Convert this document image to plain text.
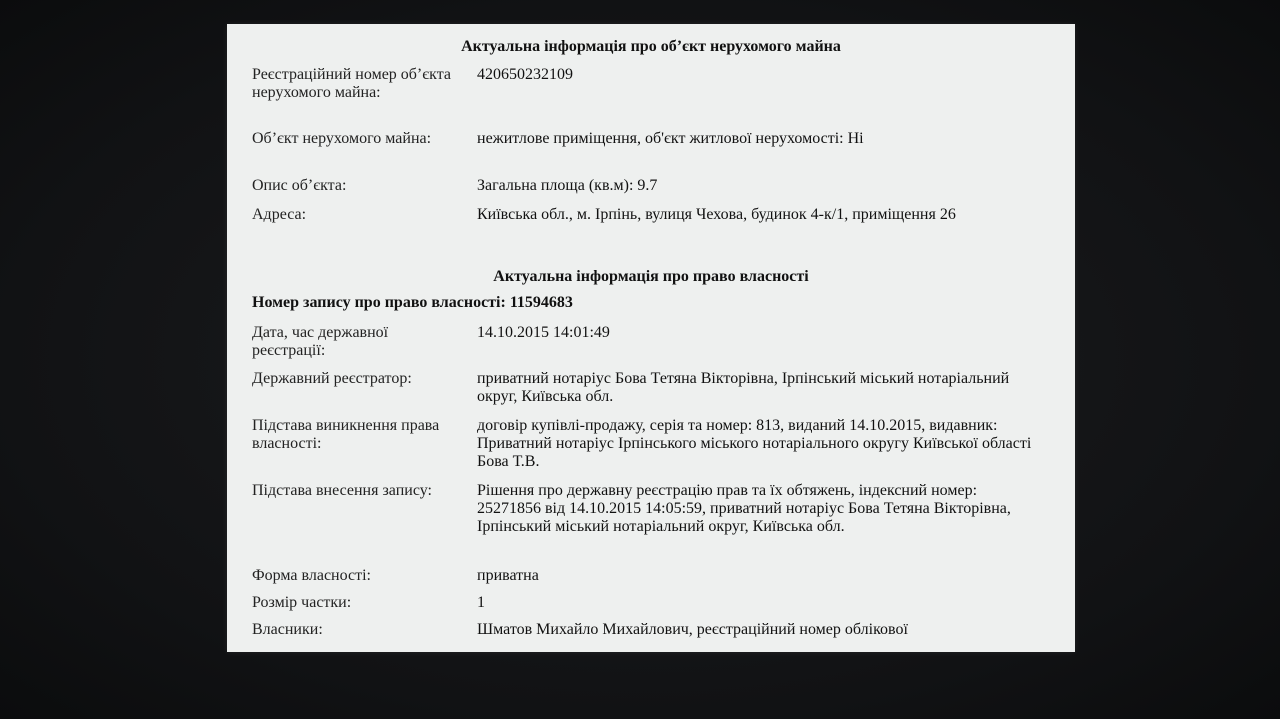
Актуальна інформація про об’єкт нерухомого майна
Реєстраційний номер об’єкта нерухомого майна:
420650232109
Об’єкт нерухомого майна:	нежитлове приміщення, об'єкт житлової нерухомості: Ні
Опис об’єкта:	Загальна площа (кв.м): 9.7
Адреса:	Київська обл., м. Ірпінь, вулиця Чехова, будинок 4-к/1, приміщення 26
Актуальна інформація про право власності
Номер запису про право власності: 11594683
Дата, час державної реєстрації:
14.10.2015 14:01:49
Державний реєстратор:	приватний нотаріус Бова Тетяна Вікторівна, Ірпінський міський нотаріальний округ, Київська обл.
Підстава виникнення права власності:
договір купівлі-продажу, серія та номер: 813, виданий 14.10.2015, видавник: Приватний нотаріус Ірпінського міського нотаріального округу Київської області Бова Т.В.
Підстава внесення запису:	Рішення про державну реєстрацію прав та їх обтяжень, індексний номер: 25271856 від 14.10.2015 14:05:59, приватний нотаріус Бова Тетяна Вікторівна, Ірпінський міський нотаріальний округ, Київська обл.
Форма власності:	приватна
Розмір частки:	1
Власники:	Шматов Михайло Михайлович, реєстраційний номер облікової
